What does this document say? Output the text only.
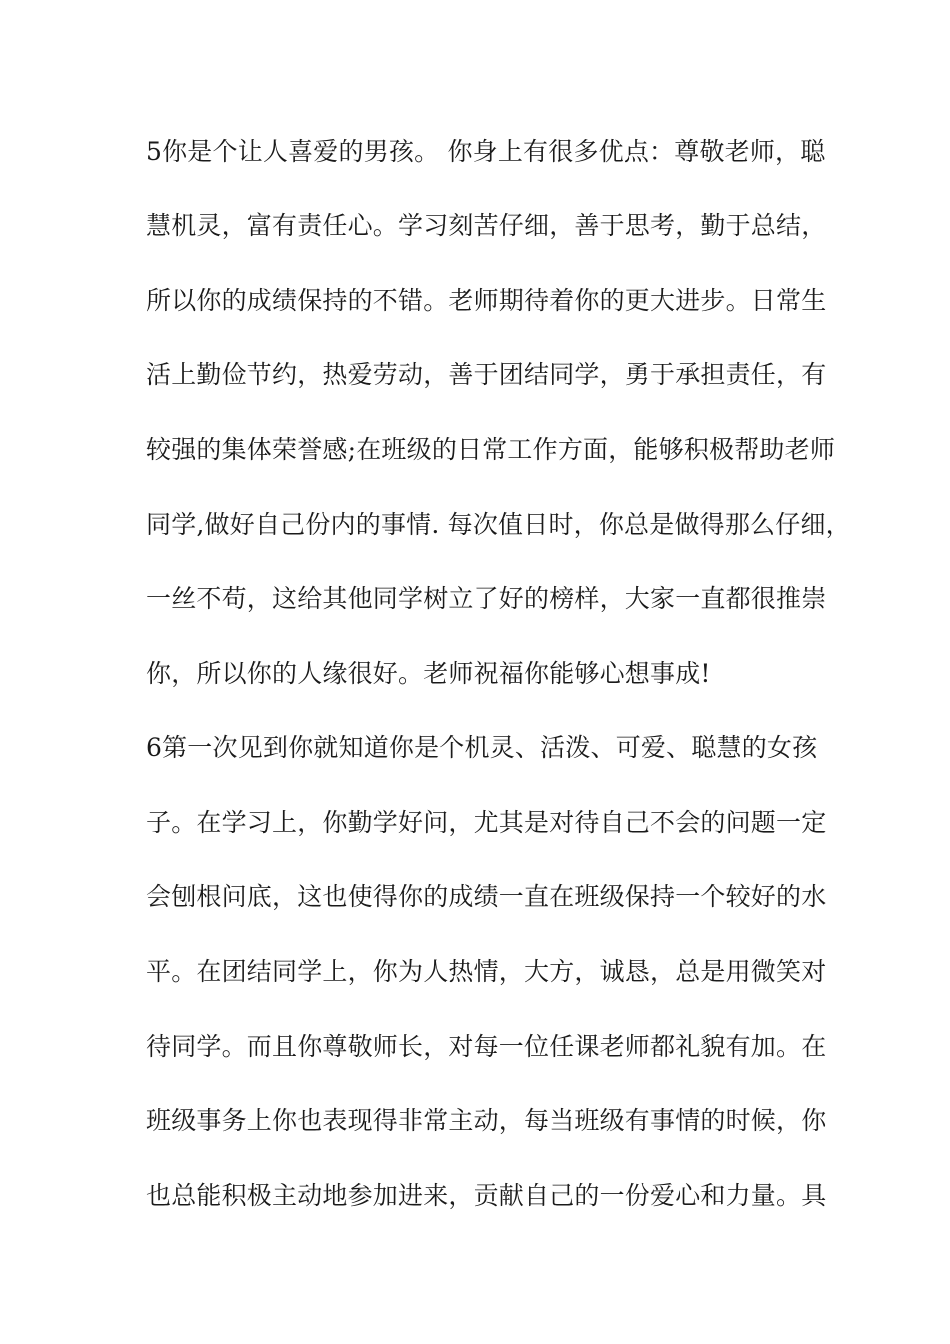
5你是个让人喜爱的男孩。 你身上有很多优点：尊敬老师，聪
慧机灵，富有责任心。学习刻苦仔细，善于思考，勤于总结，
所以你的成绩保持的不错。老师期待着你的更大进步。日常生
活上勤俭节约，热爱劳动，善于团结同学，勇于承担责任，有
较强的集体荣誉感;在班级的日常工作方面，能够积极帮助老师
同学,做好自己份内的事情. 每次值日时，你总是做得那么仔细，
一丝不苟，这给其他同学树立了好的榜样，大家一直都很推崇
你，所以你的人缘很好。老师祝福你能够心想事成!
6第一次见到你就知道你是个机灵、活泼、可爱、聪慧的女孩
子。在学习上，你勤学好问，尤其是对待自己不会的问题一定
会刨根问底，这也使得你的成绩一直在班级保持一个较好的水
平。在团结同学上，你为人热情，大方，诚恳，总是用微笑对
待同学。而且你尊敬师长，对每一位任课老师都礼貌有加。在
班级事务上你也表现得非常主动，每当班级有事情的时候，你
也总能积极主动地参加进来，贡献自己的一份爱心和力量。具
